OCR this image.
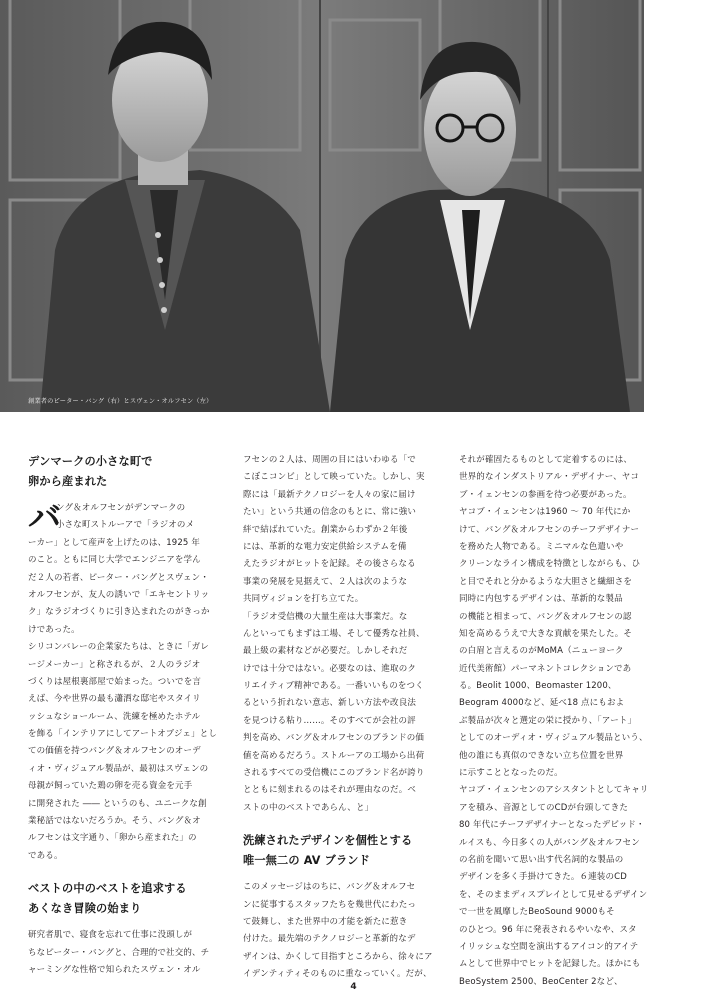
創業者のピーター・バング（右）とスヴェン・オルフセン（左）
デンマークの小さな町で
卵から産まれた
バ
ング＆オルフセンがデンマークの
小さな町ストルーアで「ラジオのメ
ーカー」として産声を上げたのは、1925 年
のこと。ともに同じ大学でエンジニアを学ん
だ２人の若者、ピーター・バングとスヴェン・
オルフセンが、友人の誘いで「エキセントリッ
ク」なラジオづくりに引き込まれたのがきっか
けであった。
シリコンバレーの企業家たちは、ときに「ガレ
ージメーカー」と称されるが、２人のラジオ
づくりは屋根裏部屋で始まった。ついでを言
えば、今や世界の最も瀟洒な邸宅やスタイリ
ッシュなショールーム、洗練を極めたホテル
を飾る「インテリアにしてアートオブジェ」とし
ての価値を持つバング＆オルフセンのオーデ
ィオ・ヴィジュアル製品が、最初はスヴェンの
母親が飼っていた鶏の卵を売る資金を元手
に開発された ―― というのも、ユニークな創
業秘話ではないだろうか。そう、バング＆オ
ルフセンは文字通り、「卵から産まれた」の
である。
ベストの中のベストを追求する
あくなき冒険の始まり
研究者肌で、寝食を忘れて仕事に没頭しが
ちなピーター・バングと、合理的で社交的、チ
ャーミングな性格で知られたスヴェン・オル
フセンの２人は、周囲の目にはいわゆる「で
こぼこコンビ」として映っていた。しかし、実
際には「最新テクノロジーを人々の家に届け
たい」という共通の信念のもとに、常に強い
絆で結ばれていた。創業からわずか２年後
には、革新的な電力安定供給システムを備
えたラジオがヒットを記録。その後さらなる
事業の発展を見据えて、２人は次のような
共同ヴィジョンを打ち立てた。
「ラジオ受信機の大量生産は大事業だ。な
んといってもまずは工場、そして優秀な社員、
最上級の素材などが必要だ。しかしそれだ
けでは十分ではない。必要なのは、進取のク
リエイティブ精神である。一番いいものをつく
るという折れない意志、新しい方法や改良法
を見つける粘り……。そのすべてが会社の評
判を高め、バング＆オルフセンのブランドの価
値を高めるだろう。ストルーアの工場から出荷
されるすべての受信機にこのブランド名が誇り
とともに刻まれるのはそれが理由なのだ。ベ
ストの中のベストであらん、と」
洗練されたデザインを個性とする
唯一無二の AV ブランド
このメッセージはのちに、バング＆オルフセ
ンに従事するスタッフたちを幾世代にわたっ
て鼓舞し、また世界中の才能を新たに惹き
付けた。最先端のテクノロジーと革新的なデ
ザインは、かくして目指すところから、徐々にア
イデンティティそのものに重なっていく。だが、
それが確固たるものとして定着するのには、
世界的なインダストリアル・デザイナー、ヤコ
ブ・イェンセンの参画を待つ必要があった。
ヤコブ・イェンセンは1960 〜 70 年代にか
けて、バング＆オルフセンのチーフデザイナー
を務めた人物である。ミニマルな色遣いや
クリーンなライン構成を特徴としながらも、ひ
と目でそれと分かるような大胆さと繊細さを
同時に内包するデザインは、革新的な製品
の機能と相まって、バング＆オルフセンの認
知を高めるうえで大きな貢献を果たした。そ
の白眉と言えるのがMoMA（ニューヨーク
近代美術館）パーマネントコレクションであ
る。Beolit 1000、Beomaster 1200、
Beogram 4000など、延べ18 点にもおよ
ぶ製品が次々と選定の栄に授かり、「アート」
としてのオーディオ・ヴィジュアル製品という、
他の誰にも真似のできない立ち位置を世界
に示すこととなったのだ。
ヤコブ・イェンセンのアシスタントとしてキャリ
アを積み、音源としてのCDが台頭してきた
80 年代にチーフデザイナーとなったデビッド・
ルイスも、今日多くの人がバング＆オルフセン
の名前を聞いて思い出す代名詞的な製品の
デザインを多く手掛けてきた。６連装のCD
を、そのままディスプレイとして見せるデザイン
で一世を風靡したBeoSound 9000もそ
のひとつ。96 年に発表されるやいなや、スタ
イリッシュな空間を演出するアイコン的アイテ
ムとして世界中でヒットを記録した。ほかにも
BeoSystem 2500、BeoCenter 2など、
4
